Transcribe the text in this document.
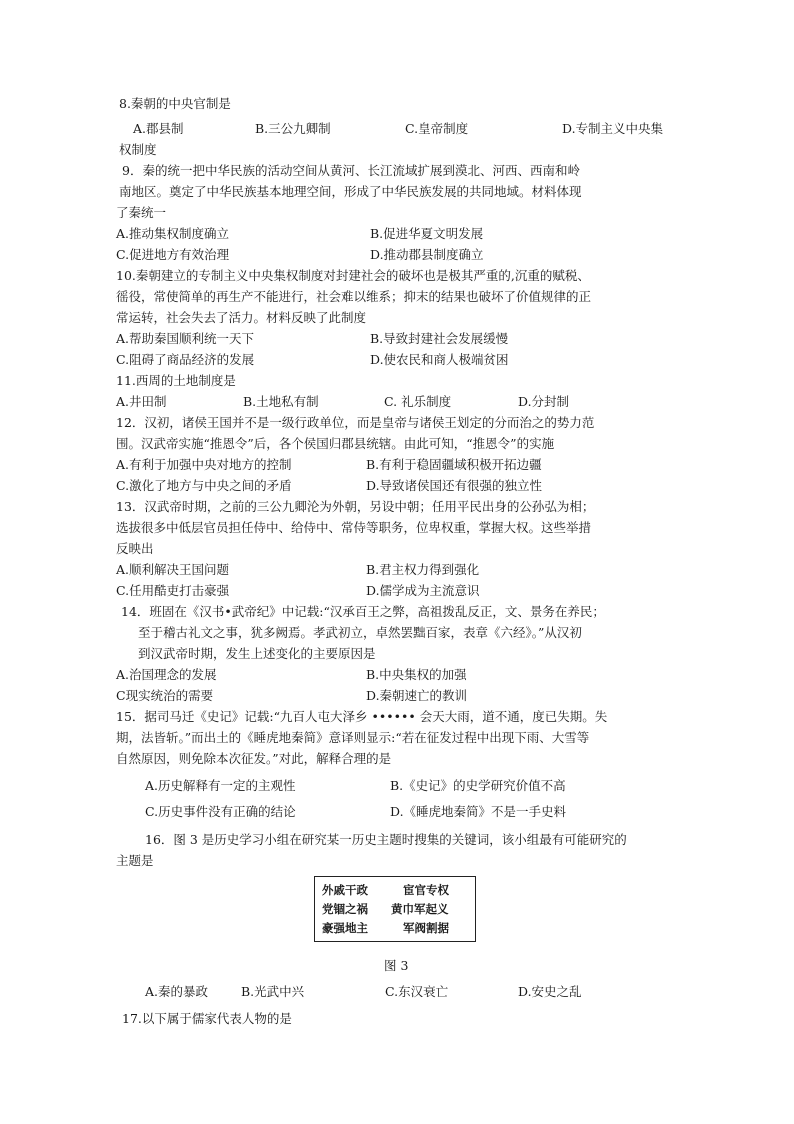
8.秦朝的中央官制是
A.郡县制	B.三公九卿制	C.皇帝制度	D.专制主义中央集
权制度
9．秦的统一把中华民族的活动空间从黄河、长江流域扩展到漠北、河西、西南和岭
南地区。奠定了中华民族基本地理空间，形成了中华民族发展的共同地域。材料体现
了秦统一
A.推动集权制度确立	B.促进华夏文明发展
C.促进地方有效治理	D.推动郡县制度确立
10.秦朝建立的专制主义中央集权制度对封建社会的破坏也是极其严重的,沉重的赋税、
徭役，常使简单的再生产不能进行，社会难以维系；抑末的结果也破坏了价值规律的正
常运转，社会失去了活力。材料反映了此制度
A.帮助秦国顺利统一天下	B.导致封建社会发展缓慢
C.阻碍了商品经济的发展	D.使农民和商人极端贫困
11.西周的土地制度是
A.井田制	B.土地私有制	C. 礼乐制度	D.分封制
12．汉初，诸侯王国并不是一级行政单位，而是皇帝与诸侯王划定的分而治之的势力范
围。汉武帝实施“推恩令”后，各个侯国归郡县统辖。由此可知，“推恩令”的实施
A.有利于加强中央对地方的控制	B.有利于稳固疆域积极开拓边疆
C.激化了地方与中央之间的矛盾	D.导致诸侯国还有很强的独立性
13．汉武帝时期，之前的三公九卿沦为外朝，另设中朝；任用平民出身的公孙弘为相；
选拔很多中低层官员担任侍中、给侍中、常侍等职务，位卑权重，掌握大权。这些举措
反映出
A.顺利解决王国问题	B.君主权力得到强化
C.任用酷吏打击豪强	D.儒学成为主流意识
14．班固在《汉书•武帝纪》中记载:“汉承百王之弊，高祖拨乱反正，文、景务在养民；
至于稽古礼文之事，犹多阙焉。孝武初立，卓然罢黜百家，表章《六经》。”从汉初
到汉武帝时期，发生上述变化的主要原因是
A.治国理念的发展	B.中央集权的加强
C现实统治的需要	D.秦朝速亡的教训
15．据司马迁《史记》记载:“九百人屯大泽乡 •••••• 会天大雨，道不通，度已失期。失
期，法皆斩。”而出土的《睡虎地秦简》意译则显示:“若在征发过程中出现下雨、大雪等
自然原因，则免除本次征发。”对此，解释合理的是
A.历史解释有一定的主观性	B.《史记》的史学研究价值不高
C.历史事件没有正确的结论	D.《睡虎地秦简》不是一手史料
16．图 3 是历史学习小组在研究某一历史主题时搜集的关键词，该小组最有可能研究的
主题是
外戚干政	宦官专权
党锢之祸 黄巾军起义
豪强地主	军阀割据
图 3
A.秦的暴政	B.光武中兴	C.东汉衰亡	D.安史之乱
17.以下属于儒家代表人物的是
